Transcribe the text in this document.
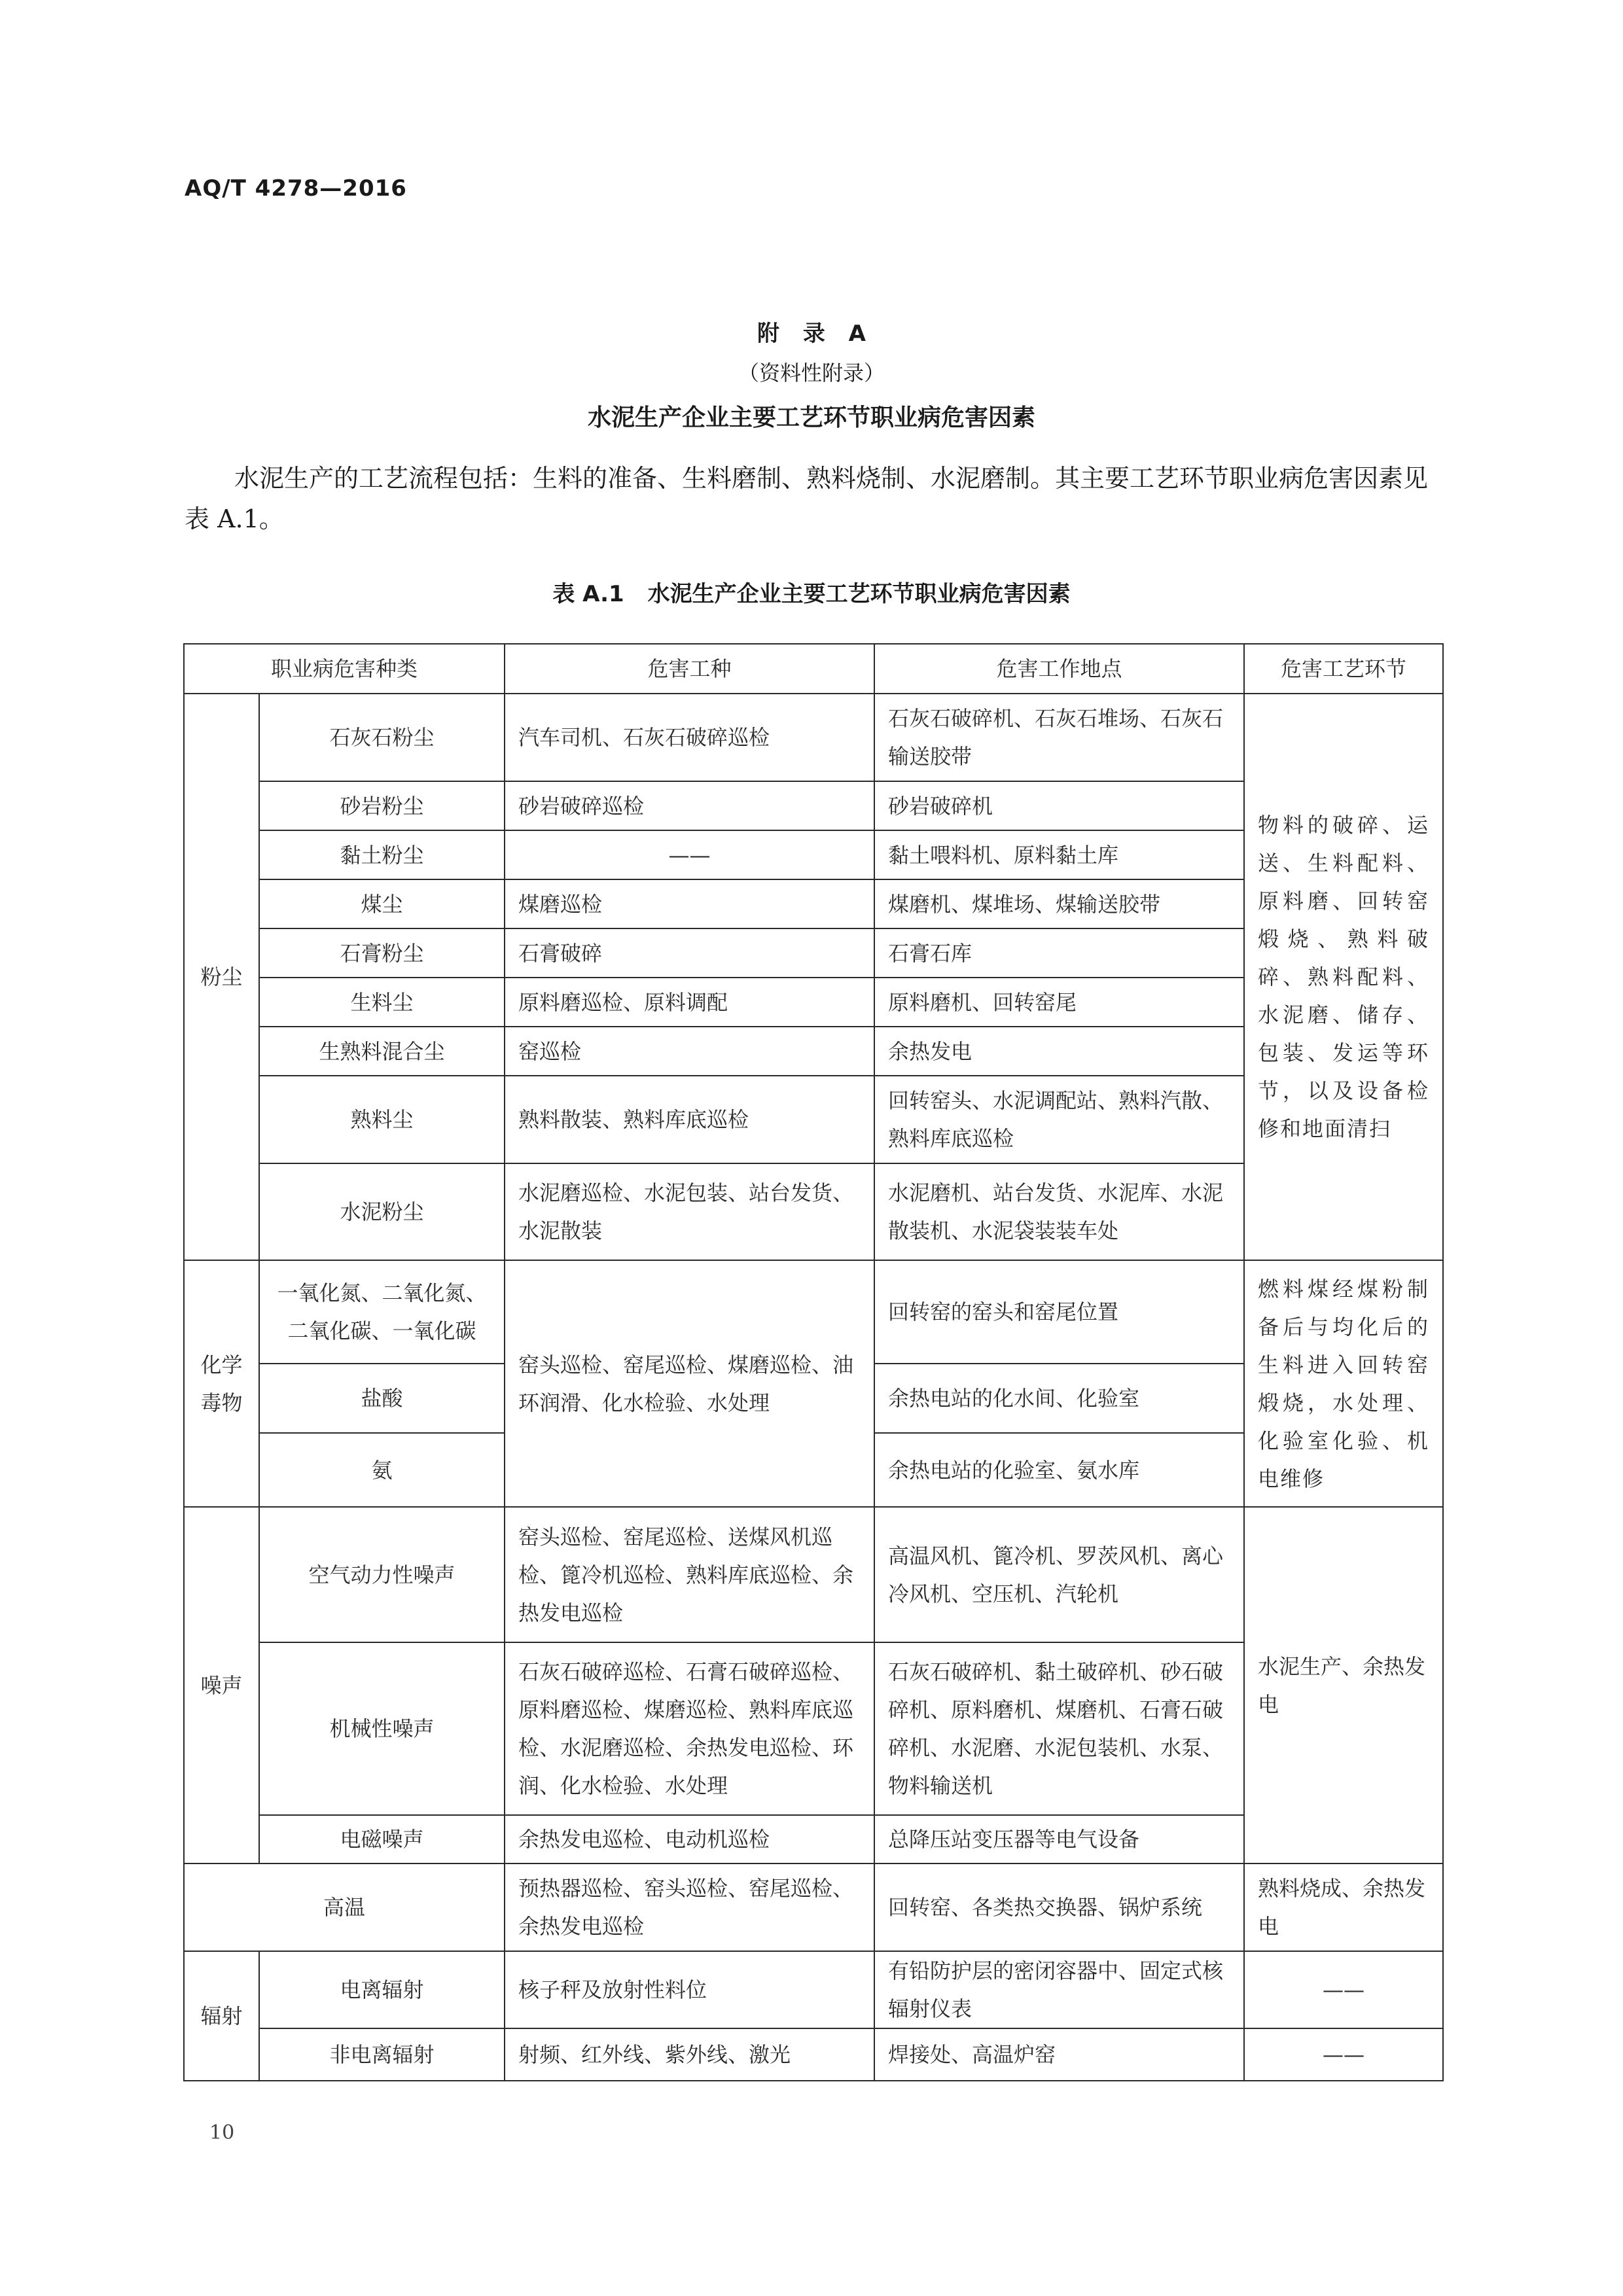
AQ/T 4278—2016
附 录 A
（资料性附录）
水泥生产企业主要工艺环节职业病危害因素

水泥生产的工艺流程包括：生料的准备、生料磨制、熟料烧制、水泥磨制。其主要工艺环节职业病危害因素见表 A.1。

表 A.1 水泥生产企业主要工艺环节职业病危害因素
职业病危害种类		危害工种	危害工作地点	危害工艺环节
粉尘	石灰石粉尘	汽车司机、石灰石破碎巡检	石灰石破碎机、石灰石堆场、石灰石输送胶带	物料的破碎、运送、生料配料、原料磨、回转窑煅烧、熟料破碎、熟料配料、水泥磨、储存、包装、发运等环节，以及设备检修和地面清扫
	砂岩粉尘	砂岩破碎巡检	砂岩破碎机	
	黏土粉尘	——	黏土喂料机、原料黏土库	
	煤尘	煤磨巡检	煤磨机、煤堆场、煤输送胶带	
	石膏粉尘	石膏破碎	石膏石库	
	生料尘	原料磨巡检、原料调配	原料磨机、回转窑尾	
	生熟料混合尘	窑巡检	余热发电	
	熟料尘	熟料散装、熟料库底巡检	回转窑头、水泥调配站、熟料汽散、熟料库底巡检	
	水泥粉尘	水泥磨巡检、水泥包装、站台发货、水泥散装	水泥磨机、站台发货、水泥库、水泥散装机、水泥袋装装车处	
化学毒物	一氧化氮、二氧化氮、二氧化碳、一氧化碳	窑头巡检、窑尾巡检、煤磨巡检、油环润滑、化水检验、水处理	回转窑的窑头和窑尾位置	燃料煤经煤粉制备后与均化后的生料进入回转窑煅烧，水处理、化验室化验、机电维修
	盐酸		余热电站的化水间、化验室	
	氨		余热电站的化验室、氨水库	
噪声	空气动力性噪声	窑头巡检、窑尾巡检、送煤风机巡检、篦冷机巡检、熟料库底巡检、余热发电巡检	高温风机、篦冷机、罗茨风机、离心冷风机、空压机、汽轮机	水泥生产、余热发电
	机械性噪声	石灰石破碎巡检、石膏石破碎巡检、原料磨巡检、煤磨巡检、熟料库底巡检、水泥磨巡检、余热发电巡检、环润、化水检验、水处理	石灰石破碎机、黏土破碎机、砂石破碎机、原料磨机、煤磨机、石膏石破碎机、水泥磨、水泥包装机、水泵、物料输送机	
	电磁噪声	余热发电巡检、电动机巡检	总降压站变压器等电气设备	
高温		预热器巡检、窑头巡检、窑尾巡检、余热发电巡检	回转窑、各类热交换器、锅炉系统	熟料烧成、余热发电
辐射	电离辐射	核子秤及放射性料位	有铅防护层的密闭容器中、固定式核辐射仪表	——
	非电离辐射	射频、红外线、紫外线、激光	焊接处、高温炉窑	——
10
